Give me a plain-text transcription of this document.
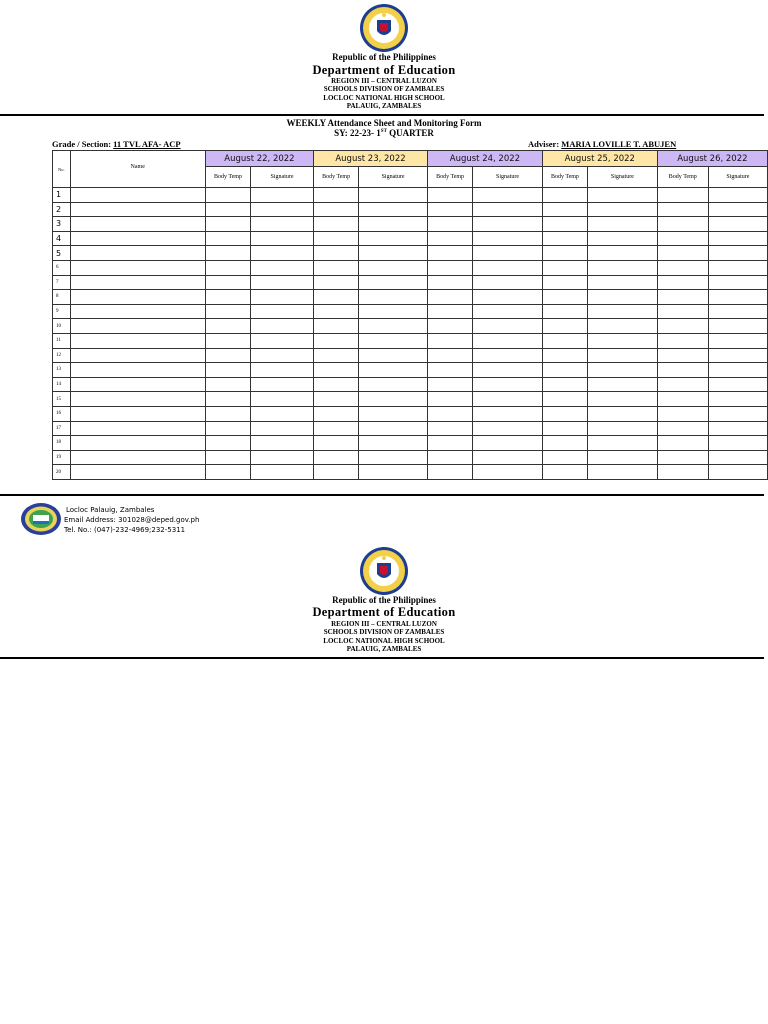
Republic of the Philippines
Department of Education
REGION III – CENTRAL LUZON
SCHOOLS DIVISION OF ZAMBALES
LOCLOC NATIONAL HIGH SCHOOL
PALAUIG, ZAMBALES
WEEKLY Attendance Sheet and Monitoring Form
SY: 22-23- 1ST QUARTER
Grade / Section: 11 TVL AFA- ACP	Adviser: MARIA LOVILLE T. ABUJEN
No.	Name	August 22, 2022		August 23, 2022		August 24, 2022		August 25, 2022		August 26, 2022	
		Body Temp	Signature	Body Temp	Signature	Body Temp	Signature	Body Temp	Signature	Body Temp	Signature
1											
2											
3											
4											
5											
6											
7											
8											
9											
10											
11											
12											
13											
14											
15											
16											
17											
18											
19											
20											
Locloc Palauig, Zambales
Email Address: 301028@deped.gov.ph
Tel. No.: (047)-232-4969;232-5311
Republic of the Philippines
Department of Education
REGION III – CENTRAL LUZON
SCHOOLS DIVISION OF ZAMBALES
LOCLOC NATIONAL HIGH SCHOOL
PALAUIG, ZAMBALES
